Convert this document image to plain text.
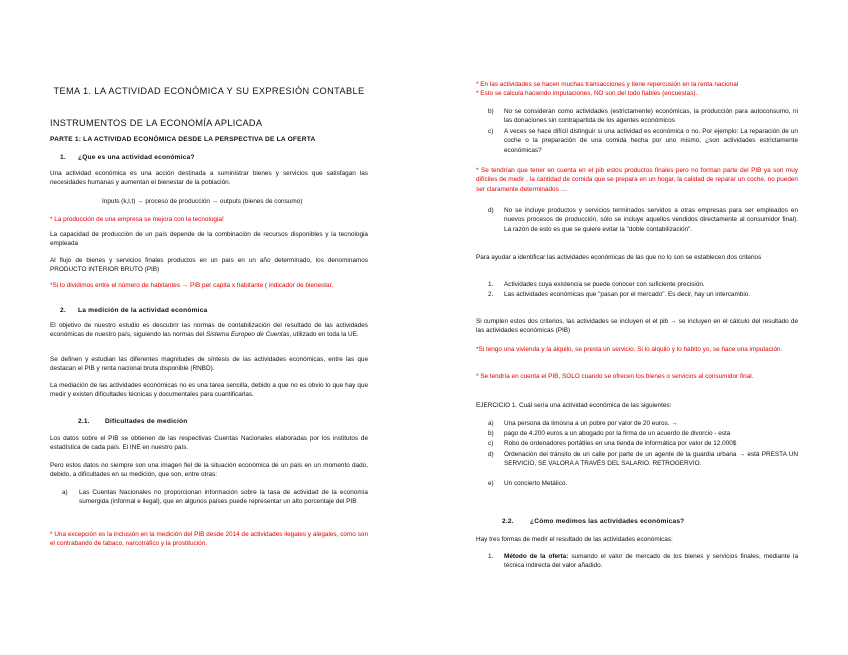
TEMA 1. LA ACTIVIDAD ECONÓMICA Y SU EXPRESIÓN CONTABLE
INSTRUMENTOS DE LA ECONOMÍA APLICADA
PARTE 1: LA ACTIVIDAD ECONÓMICA DESDE LA PERSPECTIVA DE LA OFERTA
1. ¿Que es una actividad económica?
Una actividad económica es una acción destinada a suministrar bienes y servicios que satisfagan las necesidades humanas y aumentan el bienestar de la población.
Inputs (k,l,t) → proceso de producción → outputs (bienes de consumo)
* La producción de una empresa se mejora con la tecnologia!
La capacidad de producción de un país depende de la combinación de recursos disponibles y la tecnologia empleada
Al flujo de bienes y servicios finales productos en un país en un año determinado, los denominamos PRODUCTO INTERIOR BRUTO (PIB)
*Si lo dividimos entre el número de habitantes → PIB per capita x habitante ( indicador de bienestar.
2. La medición de la actividad económica
El objetivo de nuestro estudio es descubrir las normas de contabilización del resultado de las actividades económicas de nuestro país, siguiendo las normas del Sistema Europeo de Cuentas, utilizado en toda la UE.
Se definen y estudian las diferentes magnitudes de síntesis de las actividades económicas, entre las que destacan el PIB y renta nacional bruta disponible (RNBD).
La mediación de las actividades económicas no es una tarea sencilla, debido a que no es obvio lo que hay que medir y existen dificultades técnicas y documentales para cuantificarlas.
2.1. Dificultades de medición
Los datos sobre el PIB se obtienen de las respectivas Cuentas Nacionales elaboradas por los institutos de estadística de cada país. El INE en nuestro país.
Pero estos datos no siempre son una imagen fiel de la situación económica de un país en un momento dado, debido, a dificultades en su medición, que son, entre otras:
a) Las Cuentas Nacionales no proporcionan información sobre la tasa de actividad de la economía sumergida (informal e ilegal), que en algunos países puede representar un alto porcentaje del PIB
* Una excepción es la inclusión en la medición del PIB desde 2014 de actividades ilegales y alegales, como son el contrabando de tabaco, narcotráfico y la prostitución.
* En las actividades se hacen muchas transacciones y tiene repercusión en la renta nacional
* Esto se calcula haciendo imputaciones, NO son del todo fiables (encuestas).
b) No se consideran como actividades (estrictamente) económicas, la producción para autoconsumo, ni las donaciones sin contrapartida de los agentes económicos
c) A veces se hace difícil distinguir si una actividad es económica o no. Por ejemplo: La reparación de un coche o la preparación de una comida hecha por uno mismo, ¿son actividades estrictamente económicas?
* Se tendrían que tener en cuenta en el pib estos productos finales pero no forman parte del PIB ya son muy difíciles de medir , la cantidad de comida que se prepara en un hogar, la calidad de reparar un coche, no pueden ser claramente determinados ....
d) No se incluye productos y servicios terminados servidos a otras empresas para ser empleados en nuevos procesos de producción, sólo se incluye aquellos vendidos directamente al consumidor final). La razón de esto es que se quiere evitar la "doble contabilización".
Para ayudar a identificar las actividades económicas de las que no lo son se establecen dos criterios
1. Actividades cuya existencia se puede conocer con suficiente precisión.
2. Las actividades económicas que "pasan por el mercado". Es decir, hay un intercambio.
Si cumplen estos dos criterios, las actividades se incluyen el el pib → se incluyen en el cálculo del resultado de las actividades económicas (PIB)
*Si tengo una vivienda y la alquilo, se presta un servicio. Si lo alquilo y lo habito yo, se hace una imputación.
* Se tendría en cuenta el PIB, SOLO cuando se ofrecen los bienes o servicios al consumidor final.
EJERCICIO 1. Cuál sería una actividad económica de las siguientes:
a) Una persona da limosna a un pobre por valor de 20 euros. →
b) pago de 4.200 euros a un abogado por la firma de un acuerdo de divorcio - esta
c) Robo de ordenadores portátiles en una tienda de informática por valor de 12.000$
d) Ordenación del tránsito de un calle por parte de un agente de la guardia urbana → está PRESTA UN SERVICIO, SE VALORA A TRAVÉS DEL SALARIO. RETROGERVIO.
e) Un concierto Metálico.
2.2. ¿Cómo medimos las actividades económicas?
Hay tres formas de medir el resultado de las actividades económicas:
1. Método de la oferta: sumando el valor de mercado de los bienes y servicios finales, mediante la técnica indirecta del valor añadido.
